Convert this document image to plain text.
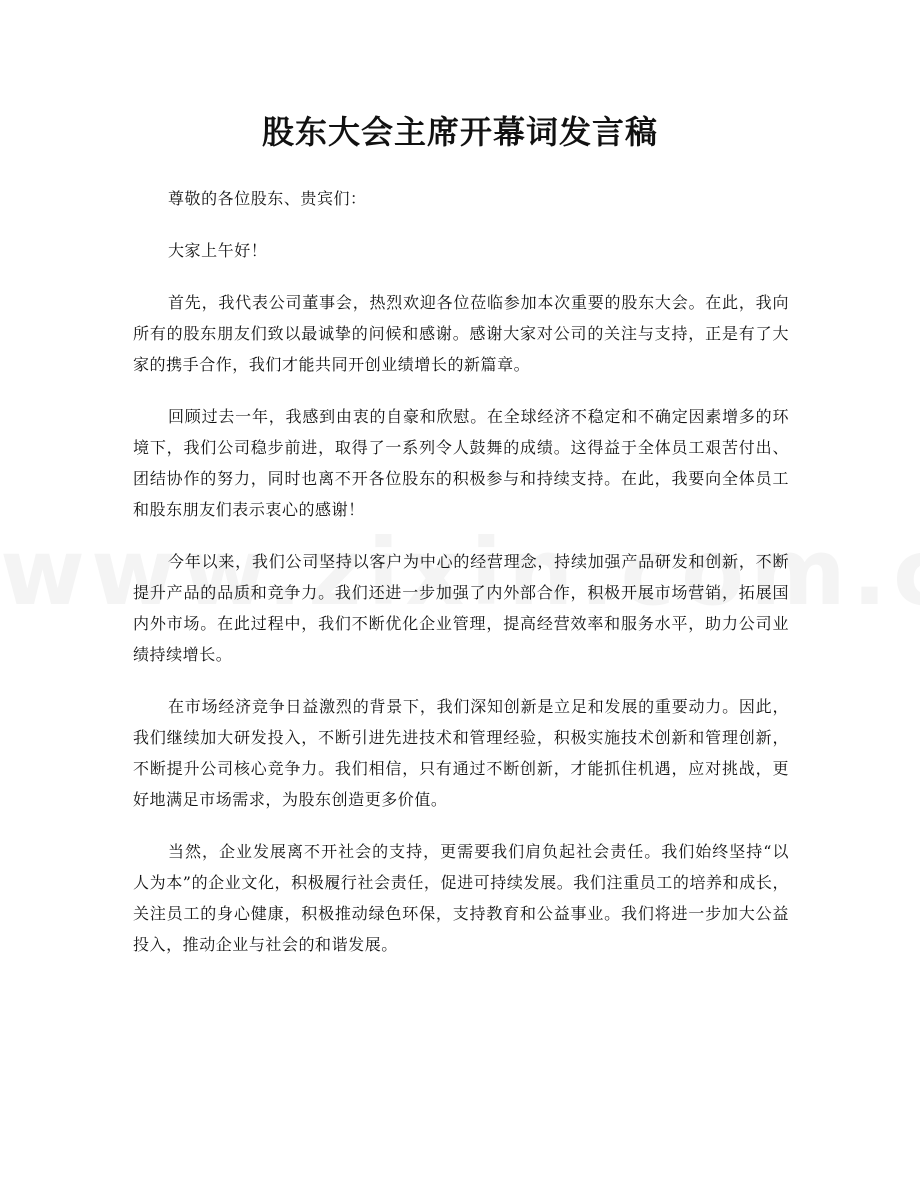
股东大会主席开幕词发言稿

尊敬的各位股东、贵宾们：

大家上午好！

首先，我代表公司董事会，热烈欢迎各位莅临参加本次重要的股东大会。在此，我向所有的股东朋友们致以最诚挚的问候和感谢。感谢大家对公司的关注与支持，正是有了大家的携手合作，我们才能共同开创业绩增长的新篇章。

回顾过去一年，我感到由衷的自豪和欣慰。在全球经济不稳定和不确定因素增多的环境下，我们公司稳步前进，取得了一系列令人鼓舞的成绩。这得益于全体员工艰苦付出、团结协作的努力，同时也离不开各位股东的积极参与和持续支持。在此，我要向全体员工和股东朋友们表示衷心的感谢！

今年以来，我们公司坚持以客户为中心的经营理念，持续加强产品研发和创新，不断提升产品的品质和竞争力。我们还进一步加强了内外部合作，积极开展市场营销，拓展国内外市场。在此过程中，我们不断优化企业管理，提高经营效率和服务水平，助力公司业绩持续增长。

在市场经济竞争日益激烈的背景下，我们深知创新是立足和发展的重要动力。因此，我们继续加大研发投入，不断引进先进技术和管理经验，积极实施技术创新和管理创新，不断提升公司核心竞争力。我们相信，只有通过不断创新，才能抓住机遇，应对挑战，更好地满足市场需求，为股东创造更多价值。

当然，企业发展离不开社会的支持，更需要我们肩负起社会责任。我们始终坚持“以人为本”的企业文化，积极履行社会责任，促进可持续发展。我们注重员工的培养和成长，关注员工的身心健康，积极推动绿色环保，支持教育和公益事业。我们将进一步加大公益投入，推动企业与社会的和谐发展。
